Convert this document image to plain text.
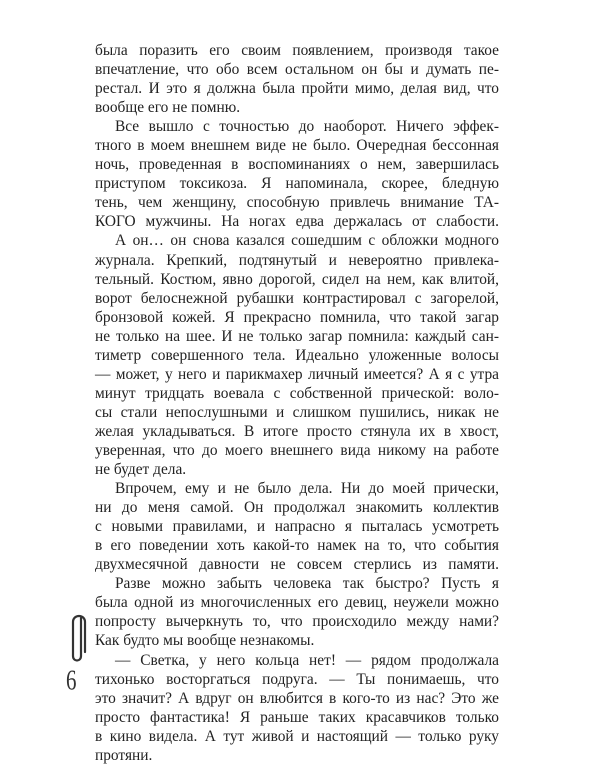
была поразить его своим появлением, производя такое

впечатление, что обо всем остальном он бы и думать пе-

рестал. И это я должна была пройти мимо, делая вид, что

вообще его не помню.

Все вышло с точностью до наоборот. Ничего эффек-

тного в моем внешнем виде не было. Очередная бессонная

ночь, проведенная в воспоминаниях о нем, завершилась

приступом токсикоза. Я напоминала, скорее, бледную

тень, чем женщину, способную привлечь внимание ТА-

КОГО мужчины. На ногах едва держалась от слабости.

А он… он снова казался сошедшим с обложки модного

журнала. Крепкий, подтянутый и невероятно привлека-

тельный. Костюм, явно дорогой, сидел на нем, как влитой,

ворот белоснежной рубашки контрастировал с загорелой,

бронзовой кожей. Я прекрасно помнила, что такой загар

не только на шее. И не только загар помнила: каждый сан-

тиметр совершенного тела. Идеально уложенные волосы

— может, у него и парикмахер личный имеется? А я с утра

минут тридцать воевала с собственной прической: воло-

сы стали непослушными и слишком пушились, никак не

желая укладываться. В итоге просто стянула их в хвост,

уверенная, что до моего внешнего вида никому на работе

не будет дела.

Впрочем, ему и не было дела. Ни до моей прически,

ни до меня самой. Он продолжал знакомить коллектив

с новыми правилами, и напрасно я пыталась усмотреть

в его поведении хоть какой-то намек на то, что события

двухмесячной давности не совсем стерлись из памяти.

Разве можно забыть человека так быстро? Пусть я

была одной из многочисленных его девиц, неужели можно

попросту вычеркнуть то, что происходило между нами?

Как будто мы вообще незнакомы.

— Светка, у него кольца нет! — рядом продолжала

тихонько восторгаться подруга. — Ты понимаешь, что

это значит? А вдруг он влюбится в кого-то из нас? Это же

просто фантастика! Я раньше таких красавчиков только

в кино видела. А тут живой и настоящий — только руку

протяни.

6
